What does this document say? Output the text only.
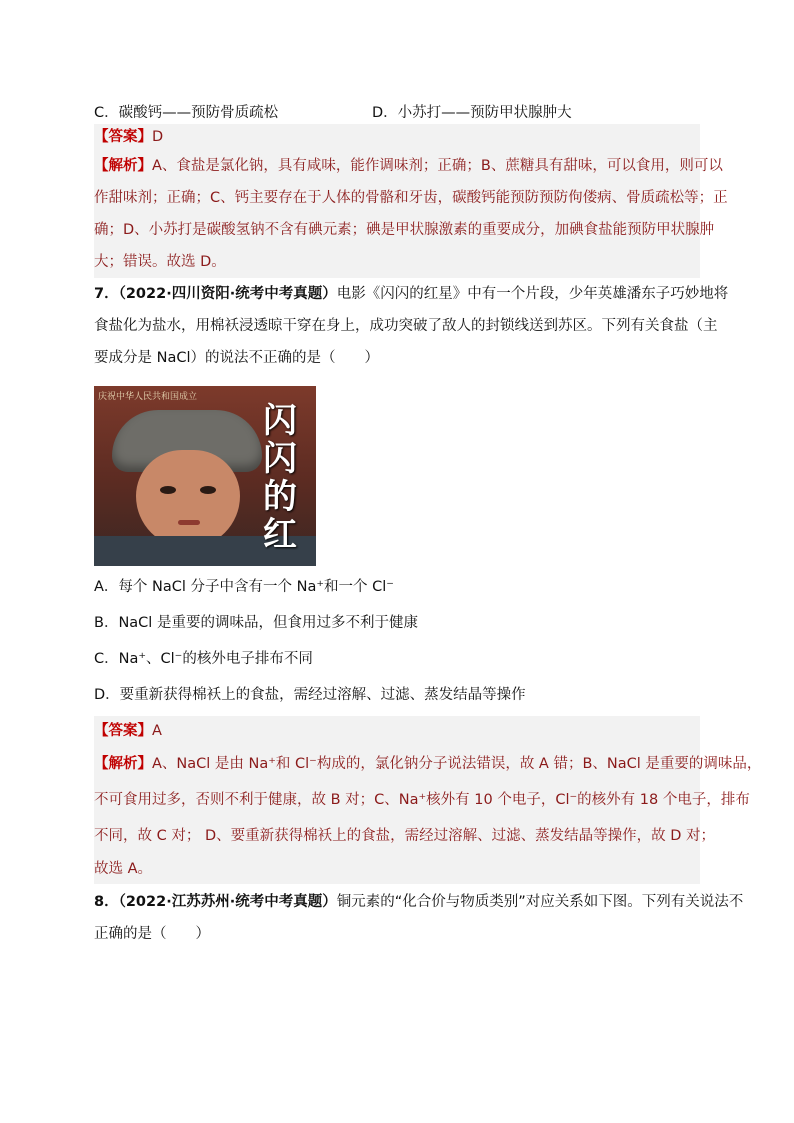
C．碳酸钙——预防骨质疏松	D．小苏打——预防甲状腺肿大
【答案】D
【解析】A、食盐是氯化钠，具有咸味，能作调味剂；正确；B、蔗糖具有甜味，可以食用，则可以
作甜味剂；正确；C、钙主要存在于人体的骨骼和牙齿，碳酸钙能预防预防佝偻病、骨质疏松等；正
确；D、小苏打是碳酸氢钠不含有碘元素；碘是甲状腺激素的重要成分，加碘食盐能预防甲状腺肿
大；错误。故选 D。
7．（2022·四川资阳·统考中考真题）电影《闪闪的红星》中有一个片段，少年英雄潘东子巧妙地将
食盐化为盐水，用棉袄浸透晾干穿在身上，成功突破了敌人的封锁线送到苏区。下列有关食盐（主
要成分是 NaCl）的说法不正确的是（　　）
庆祝中华人民共和国成立
闪
闪
的
红
A．每个 NaCl 分子中含有一个 Na⁺和一个 Cl⁻
B．NaCl 是重要的调味品，但食用过多不利于健康
C．Na⁺、Cl⁻的核外电子排布不同
D．要重新获得棉袄上的食盐，需经过溶解、过滤、蒸发结晶等操作
【答案】A
【解析】A、NaCl 是由 Na⁺和 Cl⁻构成的，氯化钠分子说法错误，故 A 错；B、NaCl 是重要的调味品，
不可食用过多，否则不利于健康，故 B 对；C、Na⁺核外有 10 个电子，Cl⁻的核外有 18 个电子，排布
不同，故 C 对； D、要重新获得棉袄上的食盐，需经过溶解、过滤、蒸发结晶等操作，故 D 对；
故选 A。
8．（2022·江苏苏州·统考中考真题）铜元素的“化合价与物质类别”对应关系如下图。下列有关说法不
正确的是（　　）
